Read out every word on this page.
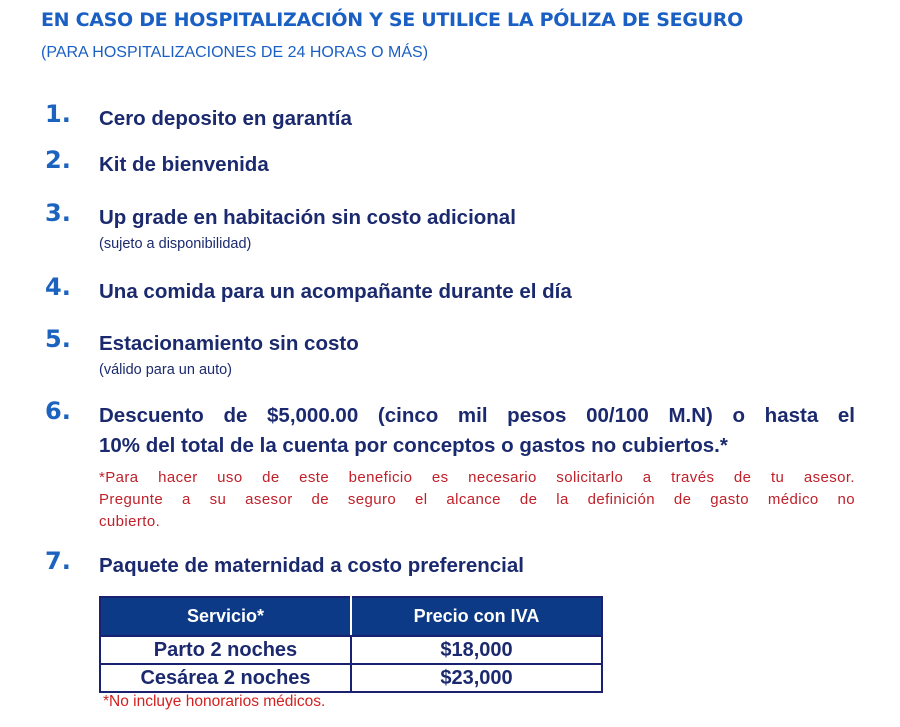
EN CASO DE HOSPITALIZACIÓN Y SE UTILICE LA PÓLIZA DE SEGURO
(PARA HOSPITALIZACIONES DE 24 HORAS O MÁS)
1. Cero deposito en garantía
2. Kit de bienvenida
3. Up grade en habitación sin costo adicional
(sujeto a disponibilidad)
4. Una comida para un acompañante durante el día
5. Estacionamiento sin costo
(válido para un auto)
6. Descuento de $5,000.00 (cinco mil pesos 00/100 M.N) o hasta el
10% del total de la cuenta por conceptos o gastos no cubiertos.*
*Para hacer uso de este beneficio es necesario solicitarlo a través de tu asesor.
Pregunte a su asesor de seguro el alcance de la definición de gasto médico no
cubierto.
7. Paquete de maternidad a costo preferencial
Servicio*	Precio con IVA
Parto 2 noches	$18,000
Cesárea 2 noches	$23,000
*No incluye honorarios médicos.
